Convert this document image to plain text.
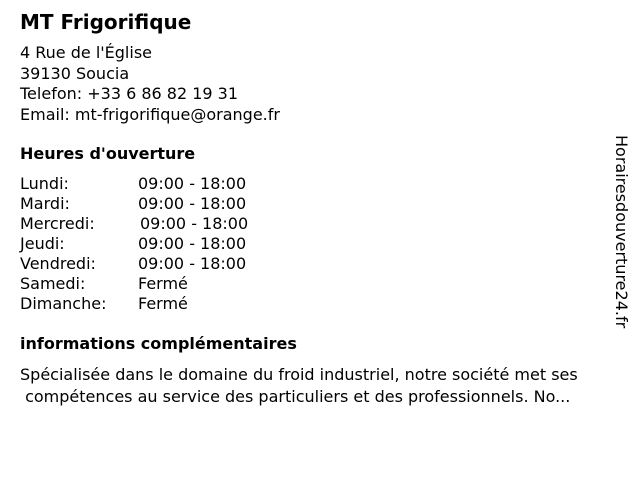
MT Frigorifique
4 Rue de l'Église
39130 Soucia
Telefon: +33 6 86 82 19 31
Email: mt-frigorifique@orange.fr
Heures d'ouverture
Lundi:	09:00 - 18:00
Mardi:	09:00 - 18:00
Mercredi:	09:00 - 18:00
Jeudi:	09:00 - 18:00
Vendredi:	09:00 - 18:00
Samedi:	Fermé
Dimanche: Fermé
informations complémentaires
Spécialisée dans le domaine du froid industriel, notre société met ses
compétences au service des particuliers et des professionnels. No...
Horairesdouverture24.fr
